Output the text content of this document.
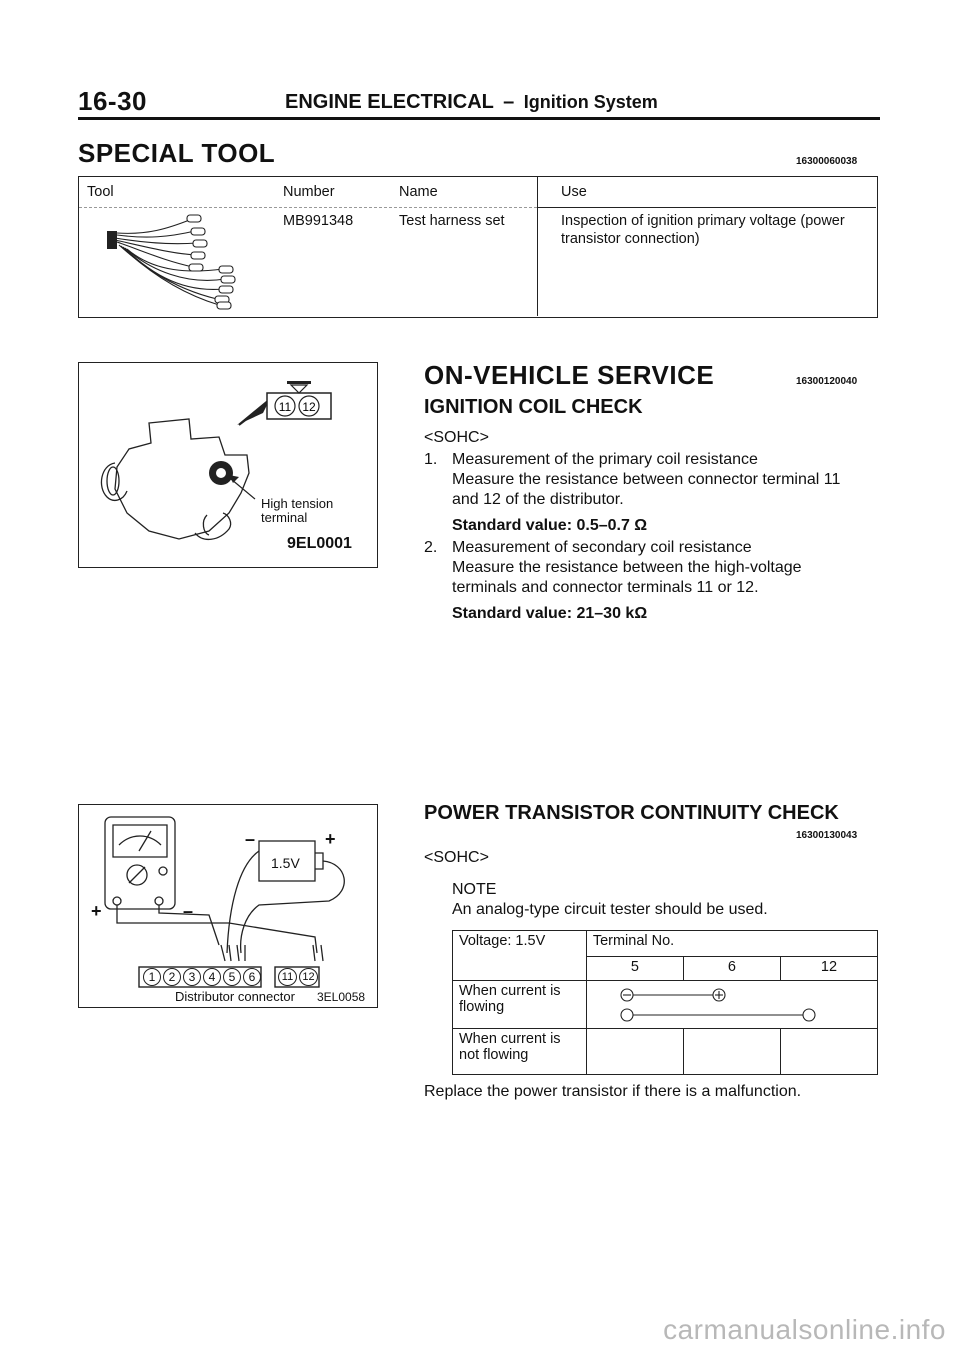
16-30	ENGINE ELECTRICAL – Ignition System
SPECIAL TOOL	16300060038
Tool	Number	Name	Use
MB991348	Test harness set	Inspection of ignition primary voltage (power
transistor connection)
11 12
High tension
terminal
9EL0001
ON-VEHICLE SERVICE	16300120040
IGNITION COIL CHECK
<SOHC>
1. Measurement of the primary coil resistance
Measure the resistance between connector terminal 11
and 12 of the distributor.
Standard value: 0.5–0.7 Ω
2. Measurement of secondary coil resistance
Measure the resistance between the high-voltage
terminals and connector terminals 11 or 12.
Standard value: 21–30 kΩ
–	+
1.5V
+	–
1	2	3	4	5	6	11 12
Distributor connector 3EL0058
POWER TRANSISTOR CONTINUITY CHECK
16300130043
<SOHC>
NOTE
An analog-type circuit tester should be used.
Voltage: 1.5V	Terminal No.		
	5	6	12

When current is
flowing

When current is
not flowing			

Replace the power transistor if there is a malfunction.
carmanualsonline.info
